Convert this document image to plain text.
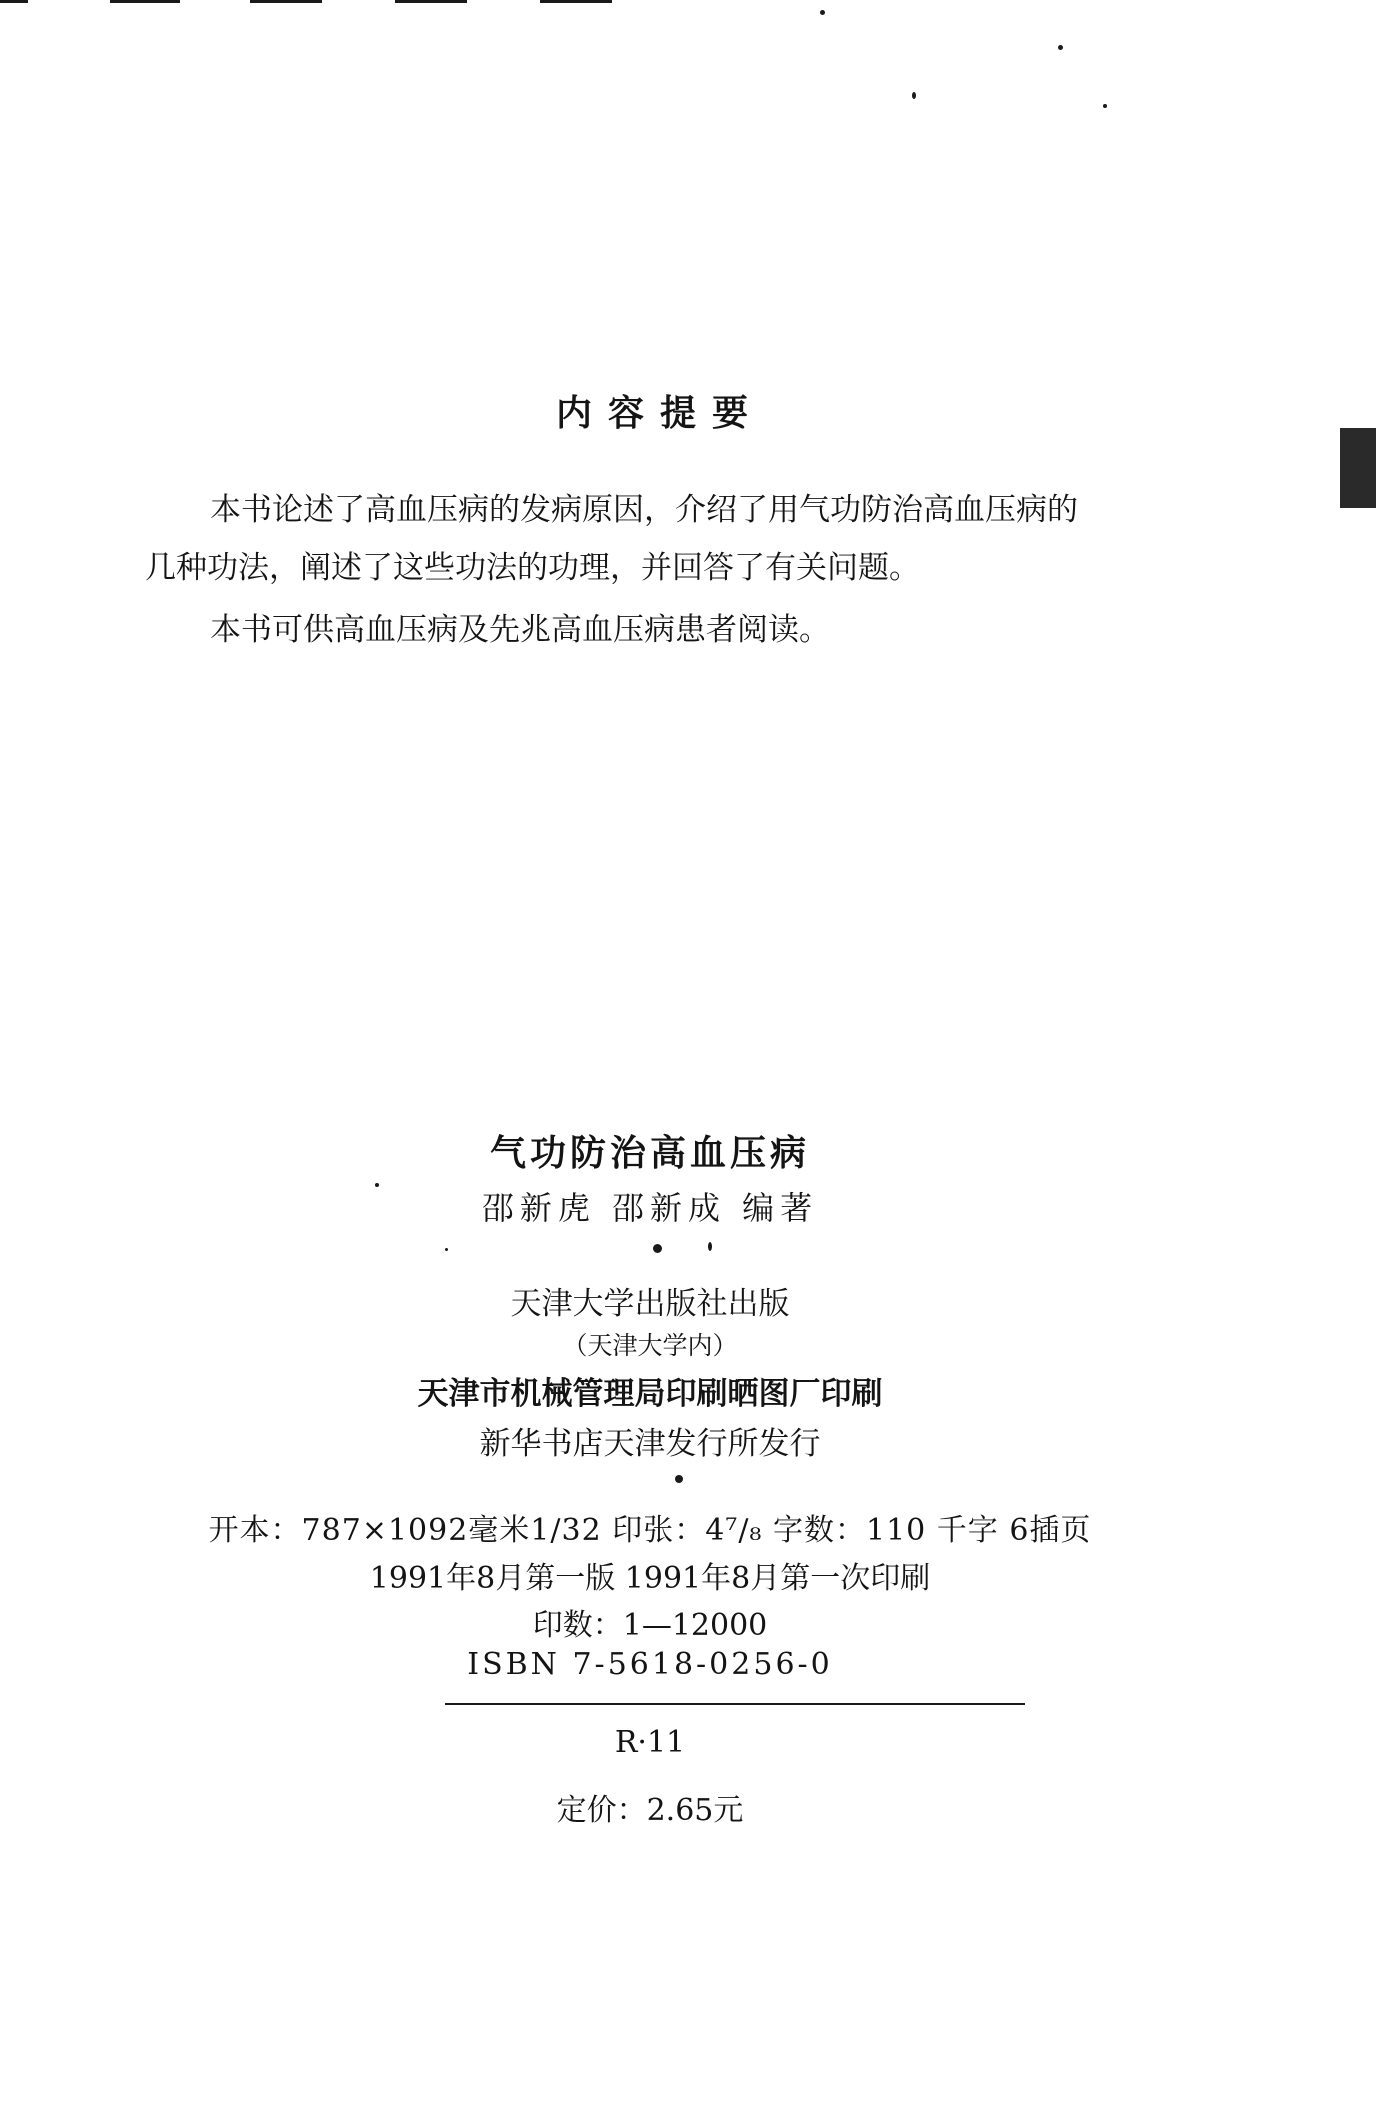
内容提要
本书论述了高血压病的发病原因，介绍了用气功防治高血压病的
几种功法，阐述了这些功法的功理，并回答了有关问题。
本书可供高血压病及先兆高血压病患者阅读。
气功防治高血压病
邵新虎 邵新成 编著
天津大学出版社出版
（天津大学内）
天津市机械管理局印刷晒图厂印刷
新华书店天津发行所发行
开本：787×1092毫米1/32 印张：4⁷/₈ 字数：110 千字 6插页
1991年8月第一版 1991年8月第一次印刷
印数：1—12000
ISBN 7-5618-0256-0
R·11
定价：2.65元
